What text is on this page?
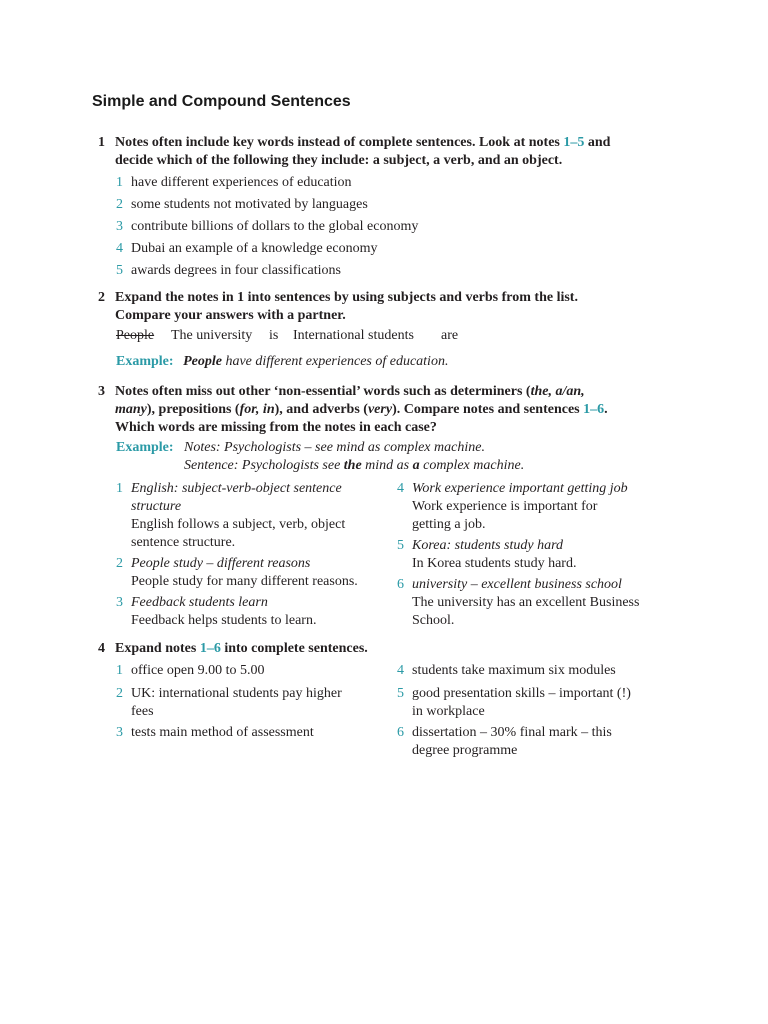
Simple and Compound Sentences
1 Notes often include key words instead of complete sentences. Look at notes 1–5 and
decide which of the following they include: a subject, a verb, and an object.
1 have different experiences of education
2 some students not motivated by languages
3 contribute billions of dollars to the global economy
4 Dubai an example of a knowledge economy
5 awards degrees in four classifications
2 Expand the notes in 1 into sentences by using subjects and verbs from the list.
Compare your answers with a partner.
People The university is International students are
Example: People have different experiences of education.
3 Notes often miss out other ‘non-essential’ words such as determiners (the, a/an,
many), prepositions (for, in), and adverbs (very). Compare notes and sentences 1–6.
Which words are missing from the notes in each case?
Example: Notes: Psychologists – see mind as complex machine.
Sentence: Psychologists see the mind as a complex machine.
1 English: subject-verb-object sentence
structure
English follows a subject, verb, object
sentence structure.
2 People study – different reasons
People study for many different reasons.
3 Feedback students learn
Feedback helps students to learn.
4 Work experience important getting job
Work experience is important for
getting a job.
5 Korea: students study hard
In Korea students study hard.
6 university – excellent business school
The university has an excellent Business
School.
4 Expand notes 1–6 into complete sentences.
1 office open 9.00 to 5.00
2 UK: international students pay higher
fees
3 tests main method of assessment
4 students take maximum six modules
5 good presentation skills – important (!)
in workplace
6 dissertation – 30% final mark – this
degree programme
